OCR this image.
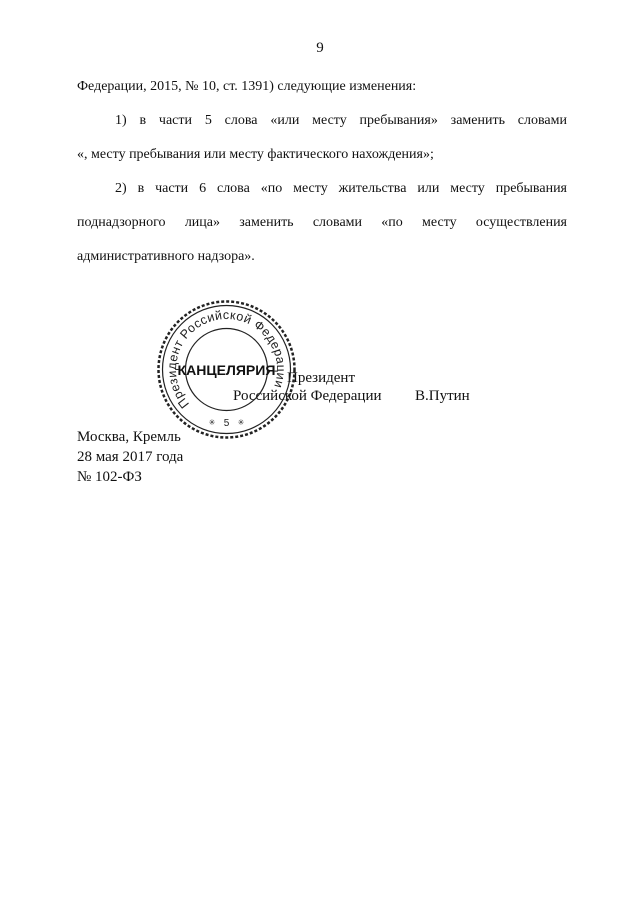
9
Федерации, 2015, № 10, ст. 1391) следующие изменения:
1) в части 5 слова «или месту пребывания» заменить словами
«, месту пребывания или месту фактического нахождения»;
2) в части 6 слова «по месту жительства или месту пребывания
поднадзорного лица» заменить словами «по месту осуществления
административного надзора».
Президент
Российской Федерации В.Путин
Президент Российской Федерации
5
✳	✳
КАНЦЕЛЯРИЯ
Москва, Кремль
28 мая 2017 года
№ 102-ФЗ
